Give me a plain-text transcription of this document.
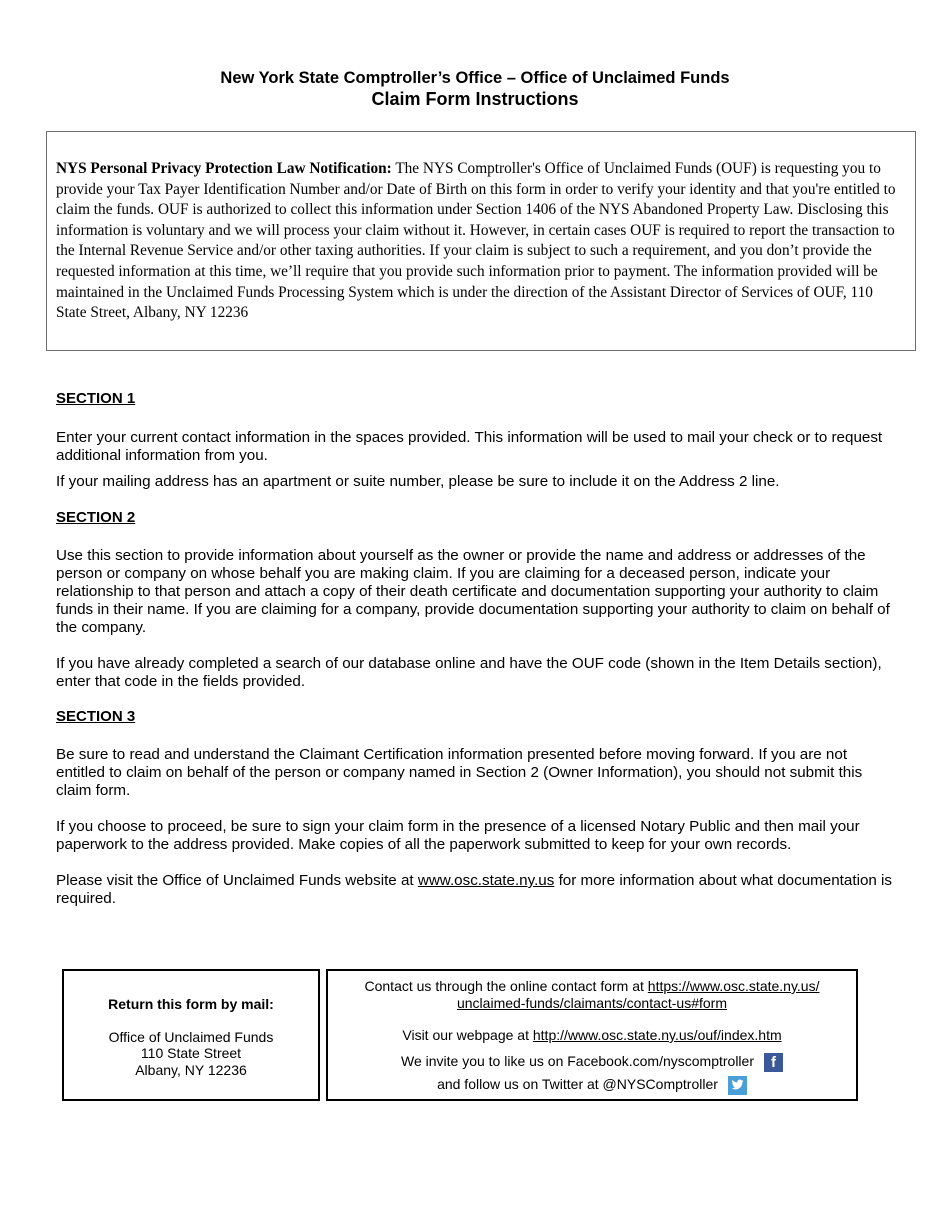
New York State Comptroller’s Office – Office of Unclaimed Funds
Claim Form Instructions

NYS Personal Privacy Protection Law Notification: The NYS Comptroller's Office of Unclaimed Funds (OUF) is requesting you to provide your Tax Payer Identification Number and/or Date of Birth on this form in order to verify your identity and that you're entitled to claim the funds. OUF is authorized to collect this information under Section 1406 of the NYS Abandoned Property Law. Disclosing this information is voluntary and we will process your claim without it. However, in certain cases OUF is required to report the transaction to the Internal Revenue Service and/or other taxing authorities. If your claim is subject to such a requirement, and you don’t provide the requested information at this time, we’ll require that you provide such information prior to payment. The information provided will be maintained in the Unclaimed Funds Processing System which is under the direction of the Assistant Director of Services of OUF, 110 State Street, Albany, NY 12236

SECTION 1

Enter your current contact information in the spaces provided. This information will be used to mail your check or to request additional information from you.

If your mailing address has an apartment or suite number, please be sure to include it on the Address 2 line.

SECTION 2

Use this section to provide information about yourself as the owner or provide the name and address or addresses of the person or company on whose behalf you are making claim. If you are claiming for a deceased person, indicate your relationship to that person and attach a copy of their death certificate and documentation supporting your authority to claim funds in their name. If you are claiming for a company, provide documentation supporting your authority to claim on behalf of the company.

If you have already completed a search of our database online and have the OUF code (shown in the Item Details section), enter that code in the fields provided.

SECTION 3

Be sure to read and understand the Claimant Certification information presented before moving forward. If you are not entitled to claim on behalf of the person or company named in Section 2 (Owner Information), you should not submit this claim form.

If you choose to proceed, be sure to sign your claim form in the presence of a licensed Notary Public and then mail your paperwork to the address provided. Make copies of all the paperwork submitted to keep for your own records.

Please visit the Office of Unclaimed Funds website at www.osc.state.ny.us for more information about what documentation is required.

Return this form by mail:
Office of Unclaimed Funds
110 State Street
Albany, NY 12236
Contact us through the online contact form at https://www.osc.state.ny.us/
unclaimed-funds/claimants/contact-us#form
Visit our webpage at http://www.osc.state.ny.us/ouf/index.htm
We invite you to like us on Facebook.com/nyscomptroller f
and follow us on Twitter at @NYSComptroller
